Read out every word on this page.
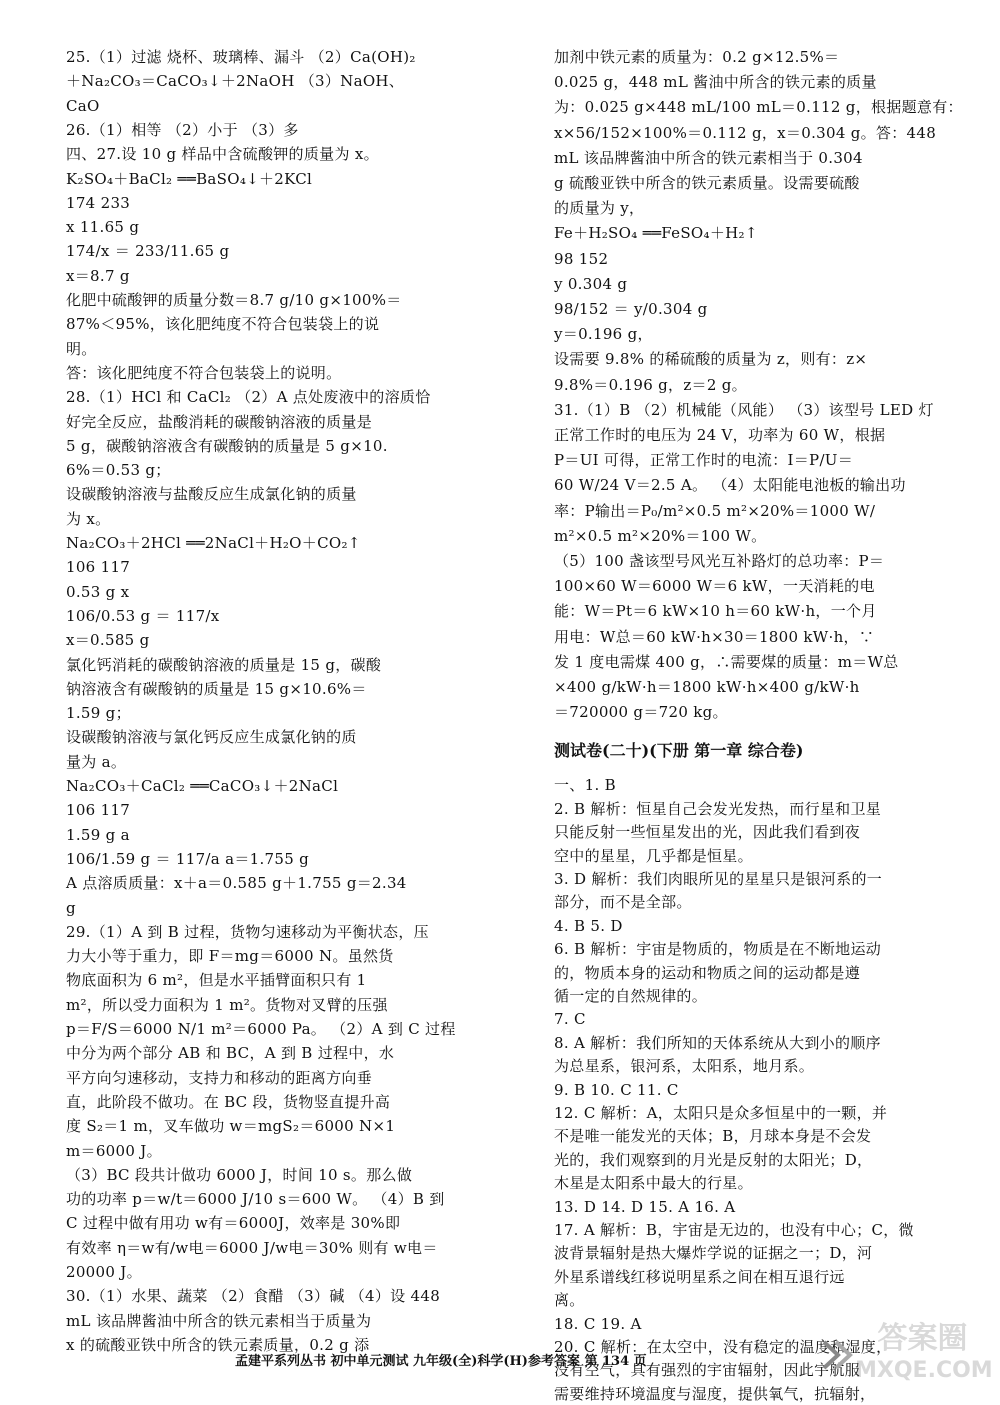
25.（1）过滤 烧杯、玻璃棒、漏斗 （2）Ca(OH)₂
＋Na₂CO₃＝CaCO₃↓＋2NaOH （3）NaOH、
CaO
26.（1）相等 （2）小于 （3）多
四、27.设 10 g 样品中含硫酸钾的质量为 x。
K₂SO₄＋BaCl₂ ══BaSO₄↓＋2KCl
174 233
x 11.65 g
174/x ＝ 233/11.65 g
x＝8.7 g
化肥中硫酸钾的质量分数＝8.7 g/10 g×100%＝
87%＜95%，该化肥纯度不符合包装袋上的说
明。
答：该化肥纯度不符合包装袋上的说明。
28.（1）HCl 和 CaCl₂ （2）A 点处废液中的溶质恰
好完全反应，盐酸消耗的碳酸钠溶液的质量是
5 g，碳酸钠溶液含有碳酸钠的质量是 5 g×10.
6%＝0.53 g；
设碳酸钠溶液与盐酸反应生成氯化钠的质量
为 x。
Na₂CO₃＋2HCl ══2NaCl＋H₂O＋CO₂↑
106 117
0.53 g x
106/0.53 g ＝ 117/x
x＝0.585 g
氯化钙消耗的碳酸钠溶液的质量是 15 g，碳酸
钠溶液含有碳酸钠的质量是 15 g×10.6%＝
1.59 g；
设碳酸钠溶液与氯化钙反应生成氯化钠的质
量为 a。
Na₂CO₃＋CaCl₂ ══CaCO₃↓＋2NaCl
106 117
1.59 g a
106/1.59 g ＝ 117/a a＝1.755 g
A 点溶质质量：x＋a＝0.585 g＋1.755 g＝2.34
g
29.（1）A 到 B 过程，货物匀速移动为平衡状态，压
力大小等于重力，即 F＝mg＝6000 N。虽然货
物底面积为 6 m²，但是水平插臂面积只有 1
m²，所以受力面积为 1 m²。货物对叉臂的压强
p＝F/S＝6000 N/1 m²＝6000 Pa。 （2）A 到 C 过程
中分为两个部分 AB 和 BC，A 到 B 过程中，水
平方向匀速移动，支持力和移动的距离方向垂
直，此阶段不做功。在 BC 段，货物竖直提升高
度 S₂＝1 m，叉车做功 w＝mgS₂＝6000 N×1
m＝6000 J。
（3）BC 段共计做功 6000 J，时间 10 s。那么做
功的功率 p＝w/t＝6000 J/10 s＝600 W。 （4）B 到
C 过程中做有用功 w有＝6000J，效率是 30%即
有效率 η＝w有/w电＝6000 J/w电＝30% 则有 w电＝
20000 J。
30.（1）水果、蔬菜 （2）食醋 （3）碱 （4）设 448
mL 该品牌酱油中所含的铁元素相当于质量为
x 的硫酸亚铁中所含的铁元素质量，0.2 g 添
加剂中铁元素的质量为：0.2 g×12.5%＝
0.025 g，448 mL 酱油中所含的铁元素的质量
为：0.025 g×448 mL/100 mL＝0.112 g，根据题意有：
x×56/152×100%＝0.112 g，x＝0.304 g。答：448
mL 该品牌酱油中所含的铁元素相当于 0.304
g 硫酸亚铁中所含的铁元素质量。设需要硫酸
的质量为 y，
Fe＋H₂SO₄ ══FeSO₄＋H₂↑
98 152
y 0.304 g
98/152 ＝ y/0.304 g
y＝0.196 g，
设需要 9.8% 的稀硫酸的质量为 z，则有：z×
9.8%＝0.196 g，z＝2 g。
31.（1）B （2）机械能（风能） （3）该型号 LED 灯
正常工作时的电压为 24 V，功率为 60 W，根据
P＝UI 可得，正常工作时的电流：I＝P/U＝
60 W/24 V＝2.5 A。 （4）太阳能电池板的输出功
率：P输出＝P₀/m²×0.5 m²×20%＝1000 W/
m²×0.5 m²×20%＝100 W。
（5）100 盏该型号风光互补路灯的总功率：P＝
100×60 W＝6000 W＝6 kW，一天消耗的电
能：W＝Pt＝6 kW×10 h＝60 kW·h，一个月
用电：W总＝60 kW·h×30＝1800 kW·h，∵
发 1 度电需煤 400 g，∴需要煤的质量：m＝W总
×400 g/kW·h＝1800 kW·h×400 g/kW·h
＝720000 g＝720 kg。
测试卷(二十)(下册 第一章 综合卷)
一、1. B
2. B 解析：恒星自己会发光发热，而行星和卫星
只能反射一些恒星发出的光，因此我们看到夜
空中的星星，几乎都是恒星。
3. D 解析：我们肉眼所见的星星只是银河系的一
部分，而不是全部。
4. B 5. D
6. B 解析：宇宙是物质的，物质是在不断地运动
的，物质本身的运动和物质之间的运动都是遵
循一定的自然规律的。
7. C
8. A 解析：我们所知的天体系统从大到小的顺序
为总星系，银河系，太阳系，地月系。
9. B 10. C 11. C
12. C 解析：A，太阳只是众多恒星中的一颗，并
不是唯一能发光的天体；B，月球本身是不会发
光的，我们观察到的月光是反射的太阳光；D，
木星是太阳系中最大的行星。
13. D 14. D 15. A 16. A
17. A 解析：B，宇宙是无边的，也没有中心；C，微
波背景辐射是热大爆炸学说的证据之一；D，河
外星系谱线红移说明星系之间在相互退行远
离。
18. C 19. A
20. C 解析：在太空中，没有稳定的温度和湿度，
没有空气，具有强烈的宇宙辐射，因此宇航服
需要维持环境温度与湿度，提供氧气，抗辐射，
孟建平系列丛书 初中单元测试 九年级(全)科学(H)参考答案 第 134 页
答案圈
MXQE.COM
